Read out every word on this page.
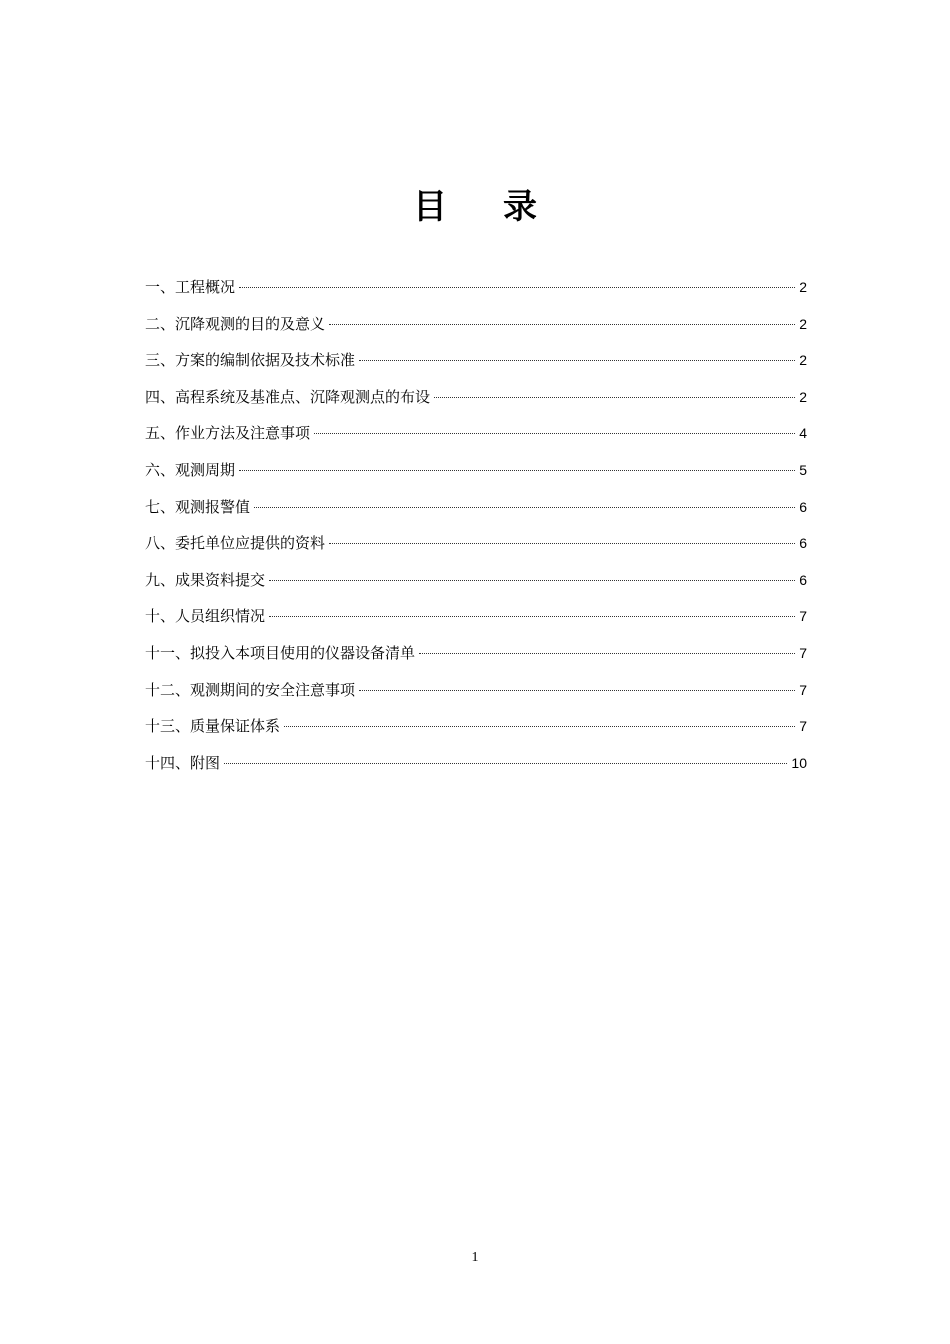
目录
一、工程概况	2
二、沉降观测的目的及意义	2
三、方案的编制依据及技术标准	2
四、高程系统及基准点、沉降观测点的布设	2
五、作业方法及注意事项	4
六、观测周期	5
七、观测报警值	6
八、委托单位应提供的资料	6
九、成果资料提交	6
十、人员组织情况	7
十一、拟投入本项目使用的仪器设备清单	7
十二、观测期间的安全注意事项	7
十三、质量保证体系	7
十四、附图	10
1
